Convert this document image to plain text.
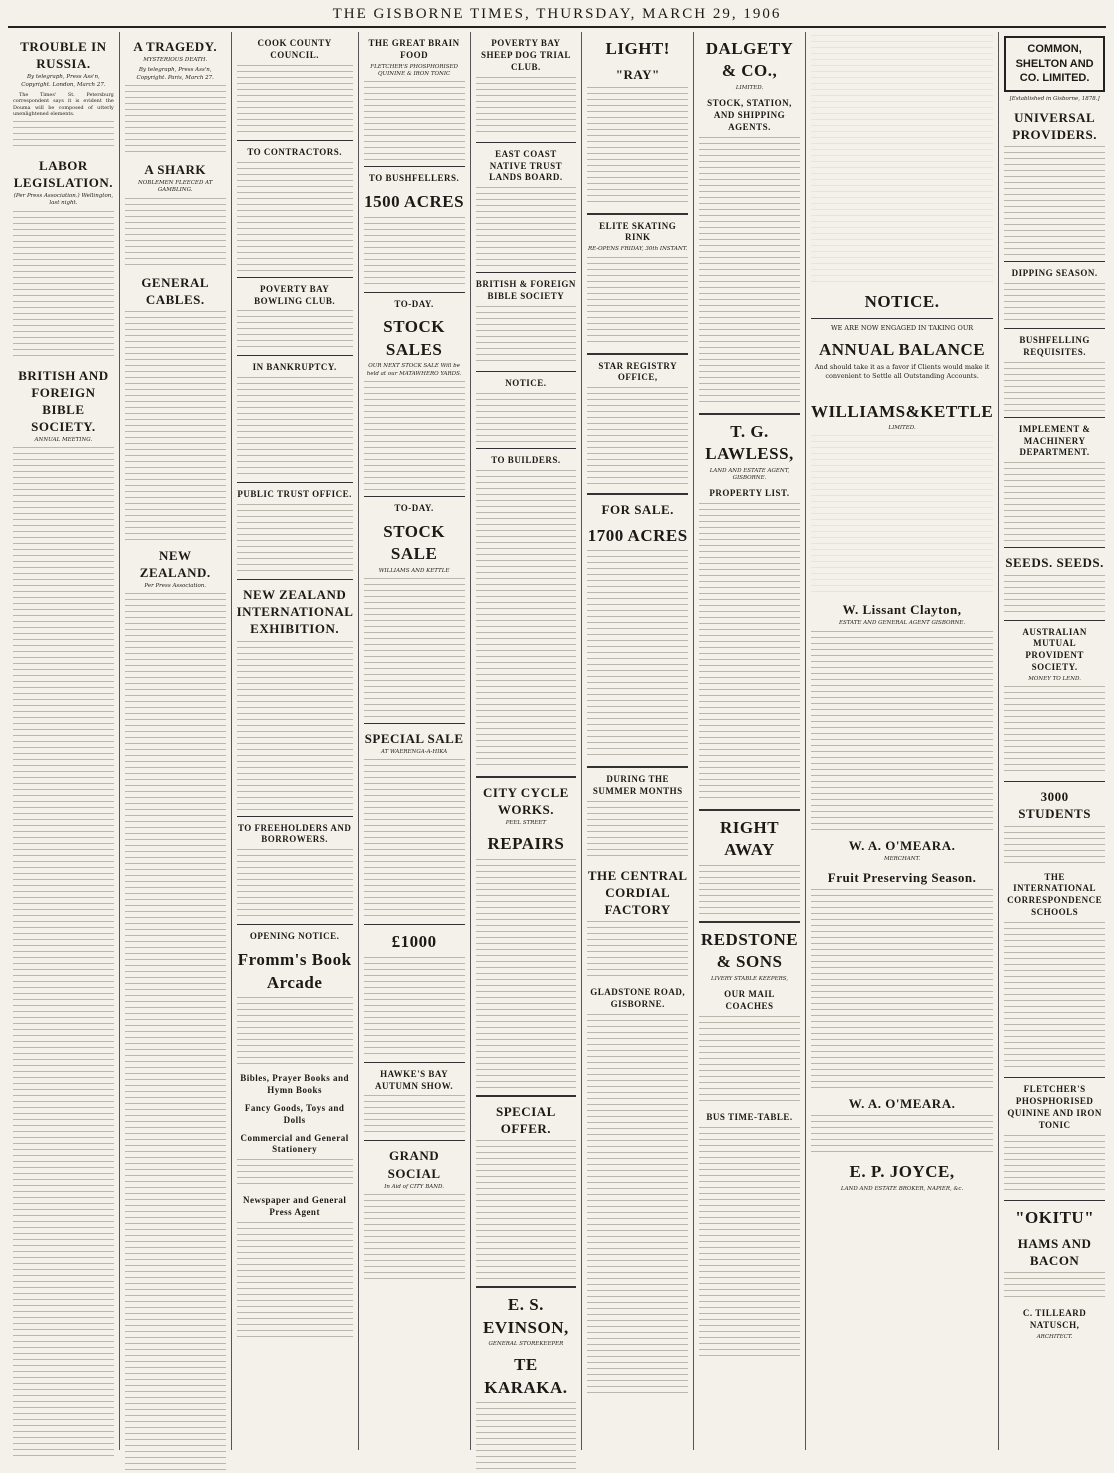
THE GISBORNE TIMES, THURSDAY, MARCH 29, 1906
TROUBLE IN RUSSIA.
By telegraph, Press Ass'n, Copyright. London, March 27.

The Times' St. Petersburg correspondent says it is evident the Douma will be composed of utterly unenlightened elements.

LABOR LEGISLATION.
(Per Press Association.) Wellington, last night.
BRITISH AND FOREIGN BIBLE SOCIETY.
ANNUAL MEETING.
A TRAGEDY.
MYSTERIOUS DEATH.
By telegraph, Press Ass'n, Copyright. Paris, March 27.
A SHARK
NOBLEMEN FLEECED AT GAMBLING.
GENERAL CABLES.
NEW ZEALAND.
Per Press Association.
COOK COUNTY COUNCIL.
TO CONTRACTORS.
POVERTY BAY BOWLING CLUB.
IN BANKRUPTCY.
PUBLIC TRUST OFFICE.
NEW ZEALAND INTERNATIONAL EXHIBITION.
TO FREEHOLDERS AND BORROWERS.
OPENING NOTICE.
Fromm's Book Arcade
Bibles, Prayer Books and Hymn Books
Fancy Goods, Toys and Dolls
Commercial and General Stationery
Newspaper and General Press Agent
THE GREAT BRAIN FOOD
FLETCHER'S PHOSPHORISED QUININE & IRON TONIC
TO BUSHFELLERS.
1500 ACRES
TO-DAY.
STOCK SALES
OUR NEXT STOCK SALE Will be held at our MATAWHERO YARDS.
TO-DAY.
STOCK SALE
WILLIAMS AND KETTLE
SPECIAL SALE
AT WAERENGA-A-HIKA
£1000
HAWKE'S BAY AUTUMN SHOW.
GRAND SOCIAL
In Aid of CITY BAND.
POVERTY BAY SHEEP DOG TRIAL CLUB.
EAST COAST NATIVE TRUST LANDS BOARD.
BRITISH & FOREIGN BIBLE SOCIETY
NOTICE.
TO BUILDERS.
CITY CYCLE WORKS.
PEEL STREET
REPAIRS
SPECIAL OFFER.
E. S. EVINSON,
GENERAL STOREKEEPER
TE KARAKA.
LIGHT!
"RAY"
ELITE SKATING RINK
RE-OPENS FRIDAY, 30th INSTANT.
STAR REGISTRY OFFICE,
FOR SALE.
1700 ACRES
DURING THE SUMMER MONTHS
THE CENTRAL CORDIAL FACTORY
GLADSTONE ROAD, GISBORNE.
DALGETY & CO.,
LIMITED.
STOCK, STATION, AND SHIPPING AGENTS.
T. G. LAWLESS,
LAND AND ESTATE AGENT, GISBORNE.
PROPERTY LIST.
RIGHT AWAY
REDSTONE & SONS
LIVERY STABLE KEEPERS,
OUR MAIL COACHES
BUS TIME-TABLE.
NOTICE.
WE ARE NOW ENGAGED IN TAKING OUR
ANNUAL BALANCE
And should take it as a favor if Clients would make it convenient to Settle all Outstanding Accounts.
WILLIAMS&KETTLE
LIMITED.
W. Lissant Clayton,
ESTATE AND GENERAL AGENT GISBORNE.
W. A. O'MEARA.
MERCHANT.
Fruit Preserving Season.
W. A. O'MEARA.
E. P. JOYCE,
LAND AND ESTATE BROKER, NAPIER, &c.
COMMON, SHELTON AND CO. LIMITED.
[Established in Gisborne, 1878.]
UNIVERSAL PROVIDERS.
DIPPING SEASON.
BUSHFELLING REQUISITES.
IMPLEMENT & MACHINERY DEPARTMENT.
SEEDS. SEEDS.
AUSTRALIAN MUTUAL PROVIDENT SOCIETY.
MONEY TO LEND.
3000 STUDENTS
THE INTERNATIONAL CORRESPONDENCE SCHOOLS
FLETCHER'S PHOSPHORISED QUININE AND IRON TONIC
"OKITU"
HAMS AND BACON
C. TILLEARD NATUSCH,
ARCHITECT.
